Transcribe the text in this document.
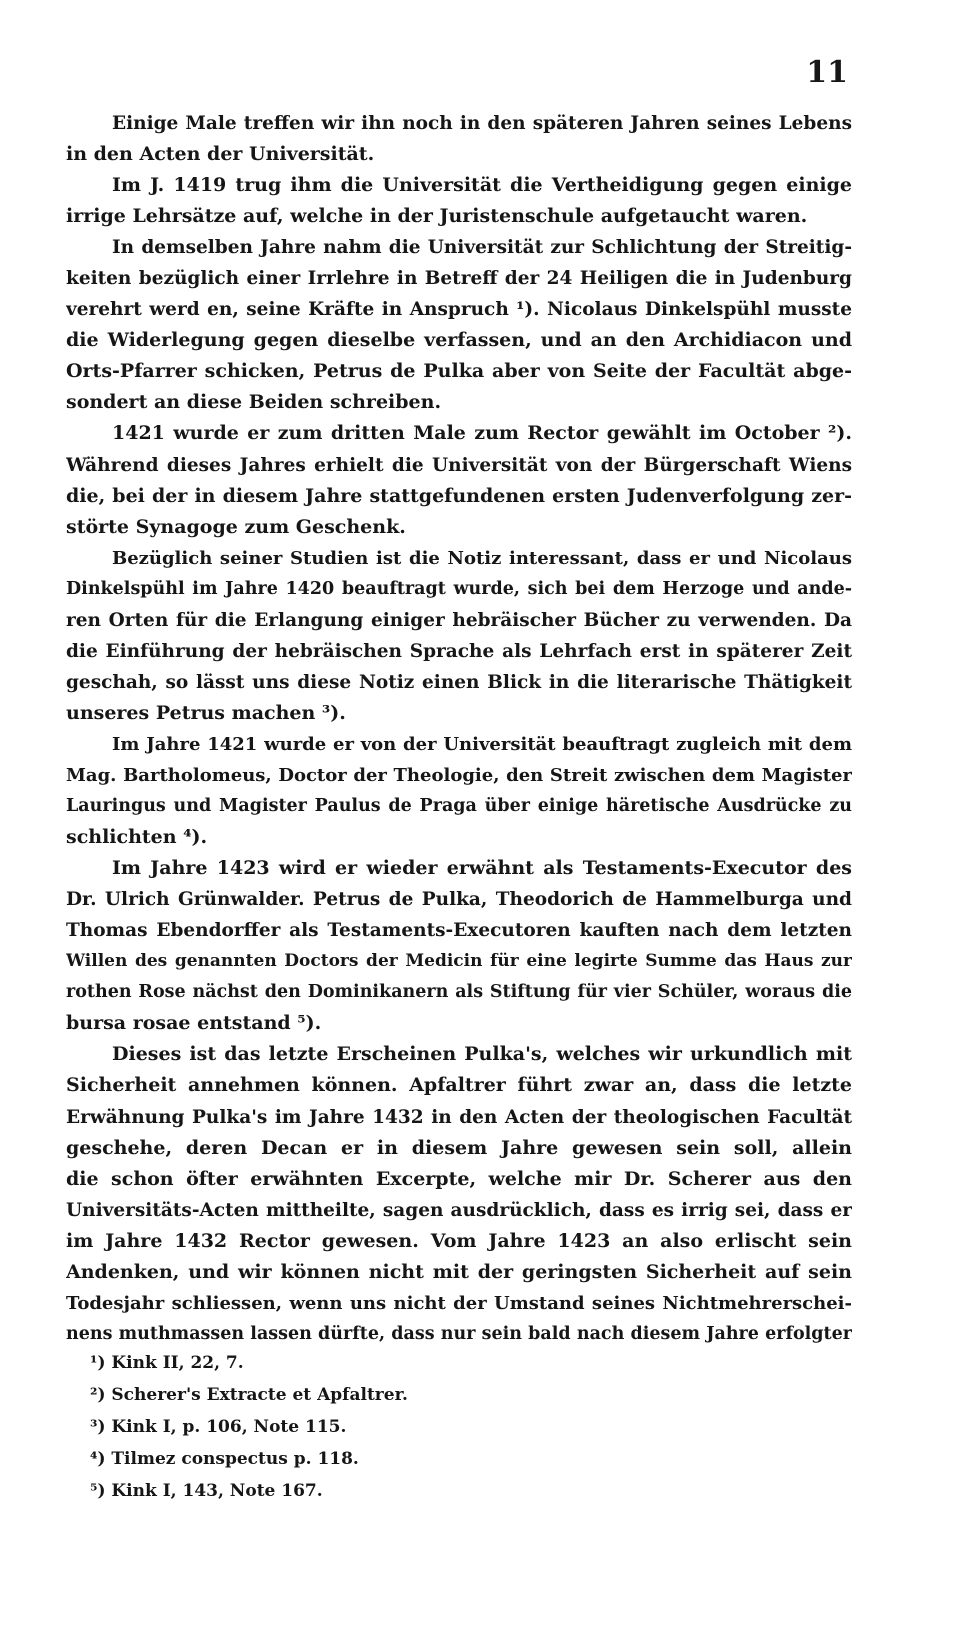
11
Einige Male treffen wir ihn noch in den späteren Jahren seines Lebens
in den Acten der Universität.
Im J. 1419 trug ihm die Universität die Vertheidigung gegen einige
irrige Lehrsätze auf, welche in der Juristenschule aufgetaucht waren.
In demselben Jahre nahm die Universität zur Schlichtung der Streitig-
keiten bezüglich einer Irrlehre in Betreff der 24 Heiligen die in Judenburg
verehrt werd en, seine Kräfte in Anspruch ¹). Nicolaus Dinkelspühl musste
die Widerlegung gegen dieselbe verfassen, und an den Archidiacon und
Orts-Pfarrer schicken, Petrus de Pulka aber von Seite der Facultät abge-
sondert an diese Beiden schreiben.
1421 wurde er zum dritten Male zum Rector gewählt im October ²).
Während dieses Jahres erhielt die Universität von der Bürgerschaft Wiens
die, bei der in diesem Jahre stattgefundenen ersten Judenverfolgung zer-
störte Synagoge zum Geschenk.
Bezüglich seiner Studien ist die Notiz interessant, dass er und Nicolaus
Dinkelspühl im Jahre 1420 beauftragt wurde, sich bei dem Herzoge und ande-
ren Orten für die Erlangung einiger hebräischer Bücher zu verwenden. Da
die Einführung der hebräischen Sprache als Lehrfach erst in späterer Zeit
geschah, so lässt uns diese Notiz einen Blick in die literarische Thätigkeit
unseres Petrus machen ³).
Im Jahre 1421 wurde er von der Universität beauftragt zugleich mit dem
Mag. Bartholomeus, Doctor der Theologie, den Streit zwischen dem Magister
Lauringus und Magister Paulus de Praga über einige häretische Ausdrücke zu
schlichten ⁴).
Im Jahre 1423 wird er wieder erwähnt als Testaments-Executor des
Dr. Ulrich Grünwalder. Petrus de Pulka, Theodorich de Hammelburga und
Thomas Ebendorffer als Testaments-Executoren kauften nach dem letzten
Willen des genannten Doctors der Medicin für eine legirte Summe das Haus zur
rothen Rose nächst den Dominikanern als Stiftung für vier Schüler, woraus die
bursa rosae entstand ⁵).
Dieses ist das letzte Erscheinen Pulka's, welches wir urkundlich mit
Sicherheit annehmen können. Apfaltrer führt zwar an, dass die letzte
Erwähnung Pulka's im Jahre 1432 in den Acten der theologischen Facultät
geschehe, deren Decan er in diesem Jahre gewesen sein soll, allein
die schon öfter erwähnten Excerpte, welche mir Dr. Scherer aus den
Universitäts-Acten mittheilte, sagen ausdrücklich, dass es irrig sei, dass er
im Jahre 1432 Rector gewesen. Vom Jahre 1423 an also erlischt sein
Andenken, und wir können nicht mit der geringsten Sicherheit auf sein
Todesjahr schliessen, wenn uns nicht der Umstand seines Nichtmehrerschei-
nens muthmassen lassen dürfte, dass nur sein bald nach diesem Jahre erfolgter
¹) Kink II, 22, 7.
²) Scherer's Extracte et Apfaltrer.
³) Kink I, p. 106, Note 115.
⁴) Tilmez conspectus p. 118.
⁵) Kink I, 143, Note 167.
